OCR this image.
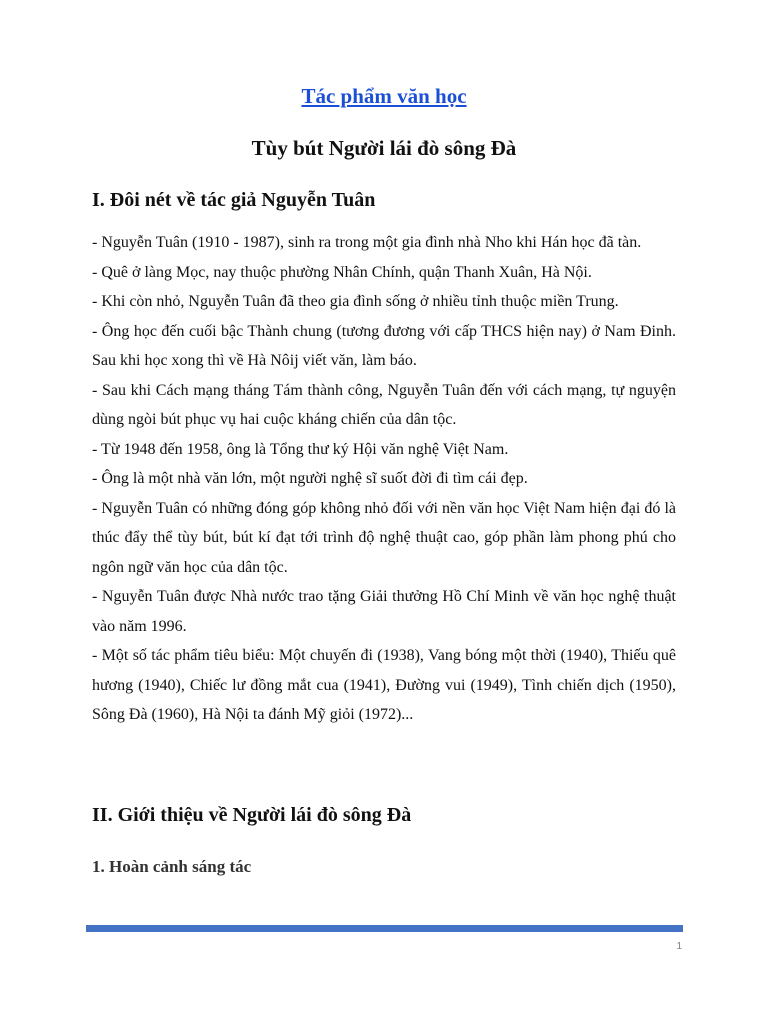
Tác phẩm văn học
Tùy bút Người lái đò sông Đà
I. Đôi nét về tác giả Nguyễn Tuân

- Nguyễn Tuân (1910 - 1987), sinh ra trong một gia đình nhà Nho khi Hán học đã tàn.

- Quê ở làng Mọc, nay thuộc phường Nhân Chính, quận Thanh Xuân, Hà Nội.

- Khi còn nhỏ, Nguyễn Tuân đã theo gia đình sống ở nhiều tỉnh thuộc miền Trung.

- Ông học đến cuối bậc Thành chung (tương đương với cấp THCS hiện nay) ở Nam Đinh. Sau khi học xong thì về Hà Nôij viết văn, làm báo.

- Sau khi Cách mạng tháng Tám thành công, Nguyễn Tuân đến với cách mạng, tự nguyện dùng ngòi bút phục vụ hai cuộc kháng chiến của dân tộc.

- Từ 1948 đến 1958, ông là Tổng thư ký Hội văn nghệ Việt Nam.

- Ông là một nhà văn lớn, một người nghệ sĩ suốt đời đi tìm cái đẹp.

- Nguyễn Tuân có những đóng góp không nhỏ đối với nền văn học Việt Nam hiện đại đó là thúc đẩy thể tùy bút, bút kí đạt tới trình độ nghệ thuật cao, góp phần làm phong phú cho ngôn ngữ văn học của dân tộc.

- Nguyễn Tuân được Nhà nước trao tặng Giải thưởng Hồ Chí Minh về văn học nghệ thuật vào năm 1996.

- Một số tác phẩm tiêu biểu: Một chuyến đi (1938), Vang bóng một thời (1940), Thiếu quê hương (1940), Chiếc lư đồng mắt cua (1941), Đường vui (1949), Tình chiến dịch (1950), Sông Đà (1960), Hà Nội ta đánh Mỹ giỏi (1972)...

II. Giới thiệu về Người lái đò sông Đà
1. Hoàn cảnh sáng tác
1
